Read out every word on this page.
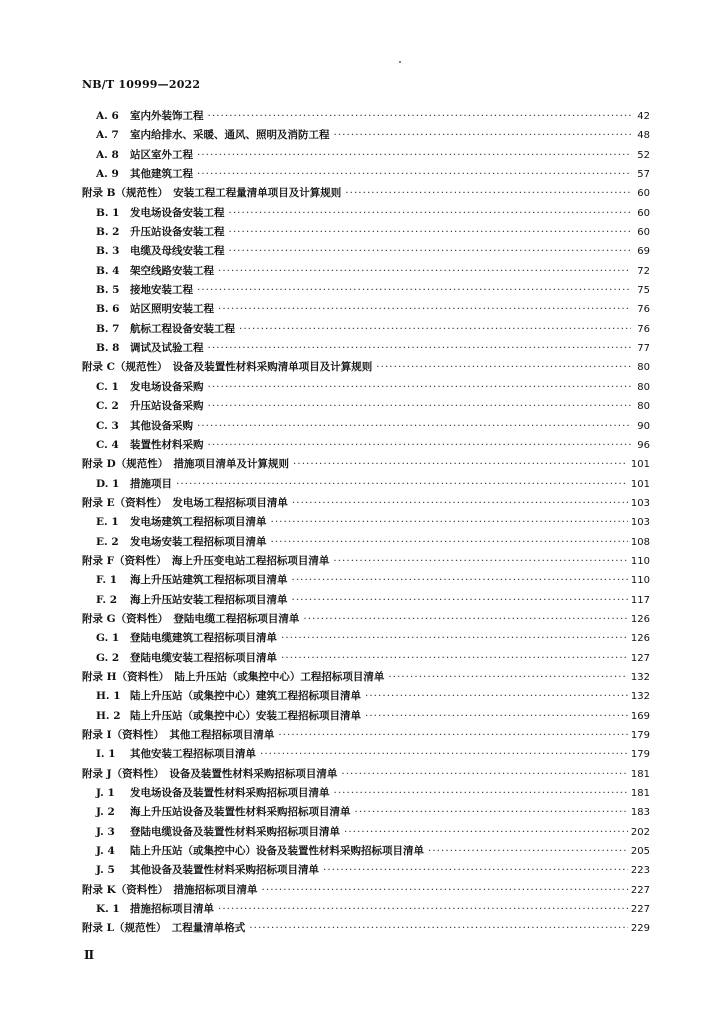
NB/T 10999—2022
A. 6	室内外装饰工程 ·····	42
A. 7	室内给排水、采暖、通风、照明及消防工程 ·····	48
A. 8	站区室外工程 ·····	52
A. 9	其他建筑工程 ·····	57
附录 B（规范性）　安装工程工程量清单项目及计算规则 ·····	60
B. 1	发电场设备安装工程 ·····	60
B. 2	升压站设备安装工程 ·····	60
B. 3	电缆及母线安装工程 ·····	69
B. 4	架空线路安装工程 ·····	72
B. 5	接地安装工程 ·····	75
B. 6	站区照明安装工程 ·····	76
B. 7	航标工程设备安装工程 ·····	76
B. 8	调试及试验工程 ·····	77
附录 C（规范性）　设备及装置性材料采购清单项目及计算规则 ·····	80
C. 1	发电场设备采购 ·····	80
C. 2	升压站设备采购 ·····	80
C. 3	其他设备采购 ·····	90
C. 4	装置性材料采购 ·····	96
附录 D（规范性）　措施项目清单及计算规则 ·····	101
D. 1	措施项目 ·····	101
附录 E（资料性）　发电场工程招标项目清单 ·····	103
E. 1	发电场建筑工程招标项目清单 ·····	103
E. 2	发电场安装工程招标项目清单 ·····	108
附录 F（资料性）　海上升压变电站工程招标项目清单 ·····	110
F. 1	海上升压站建筑工程招标项目清单 ·····	110
F. 2	海上升压站安装工程招标项目清单 ·····	117
附录 G（资料性）　登陆电缆工程招标项目清单 ·····	126
G. 1	登陆电缆建筑工程招标项目清单 ·····	126
G. 2	登陆电缆安装工程招标项目清单 ·····	127
附录 H（资料性）　陆上升压站（或集控中心）工程招标项目清单 ·····	132
H. 1 陆上升压站（或集控中心）建筑工程招标项目清单 ·····	132
H. 2 陆上升压站（或集控中心）安装工程招标项目清单 ·····	169
附录 I（资料性）　其他工程招标项目清单 ·····	179
I. 1	其他安装工程招标项目清单 ·····	179
附录 J（资料性）　设备及装置性材料采购招标项目清单 ·····	181
J. 1	发电场设备及装置性材料采购招标项目清单 ·····	181
J. 2	海上升压站设备及装置性材料采购招标项目清单 ·····	183
J. 3	登陆电缆设备及装置性材料采购招标项目清单 ·····	202
J. 4	陆上升压站（或集控中心）设备及装置性材料采购招标项目清单 ·····	205
J. 5	其他设备及装置性材料采购招标项目清单 ·····	223
附录 K（资料性）　措施招标项目清单 ·····	227
K. 1 措施招标项目清单 ·····	227
附录 L（规范性）　工程量清单格式 ·····	229
Ⅱ
